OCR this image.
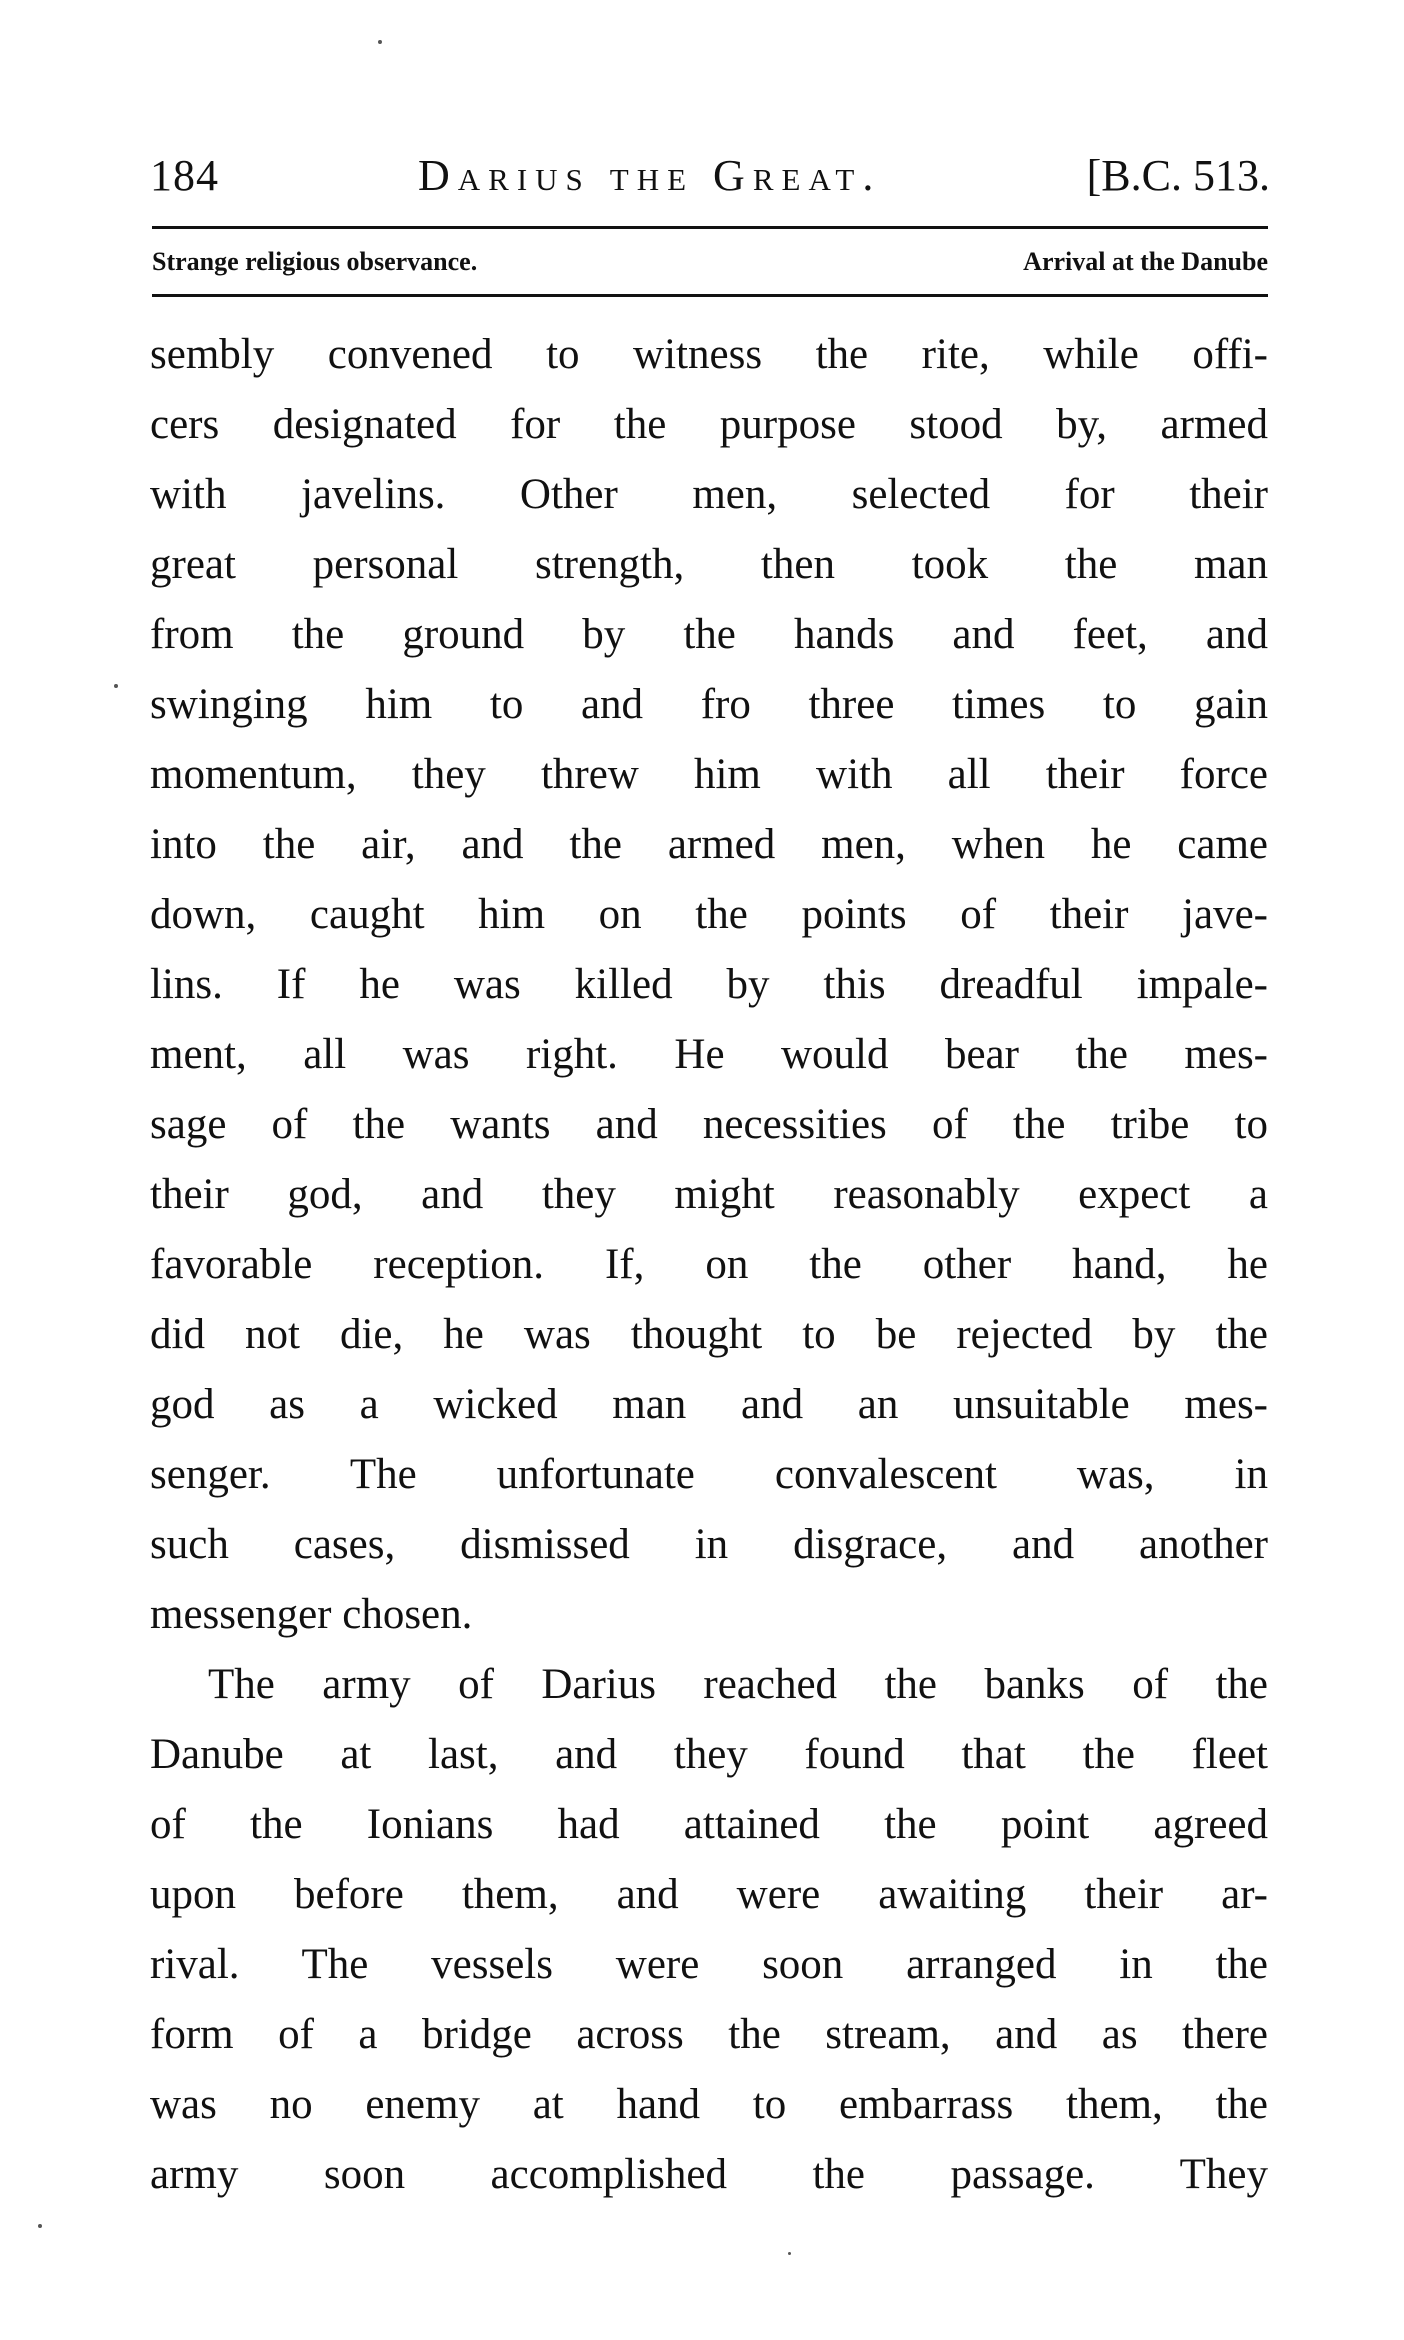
184	Darius the Great.	[B.C. 513.
Strange religious observance.	Arrival at the Danube
sembly convened to witness the rite, while offi-
cers designated for the purpose stood by, armed
with javelins. Other men, selected for their
great personal strength, then took the man
from the ground by the hands and feet, and
swinging him to and fro three times to gain
momentum, they threw him with all their force
into the air, and the armed men, when he came
down, caught him on the points of their jave-
lins. If he was killed by this dreadful impale-
ment, all was right. He would bear the mes-
sage of the wants and necessities of the tribe to
their god, and they might reasonably expect a
favorable reception. If, on the other hand, he
did not die, he was thought to be rejected by the
god as a wicked man and an unsuitable mes-
senger. The unfortunate convalescent was, in
such cases, dismissed in disgrace, and another
messenger chosen.
The army of Darius reached the banks of the
Danube at last, and they found that the fleet
of the Ionians had attained the point agreed
upon before them, and were awaiting their ar-
rival. The vessels were soon arranged in the
form of a bridge across the stream, and as there
was no enemy at hand to embarrass them, the
army soon accomplished the passage. They
